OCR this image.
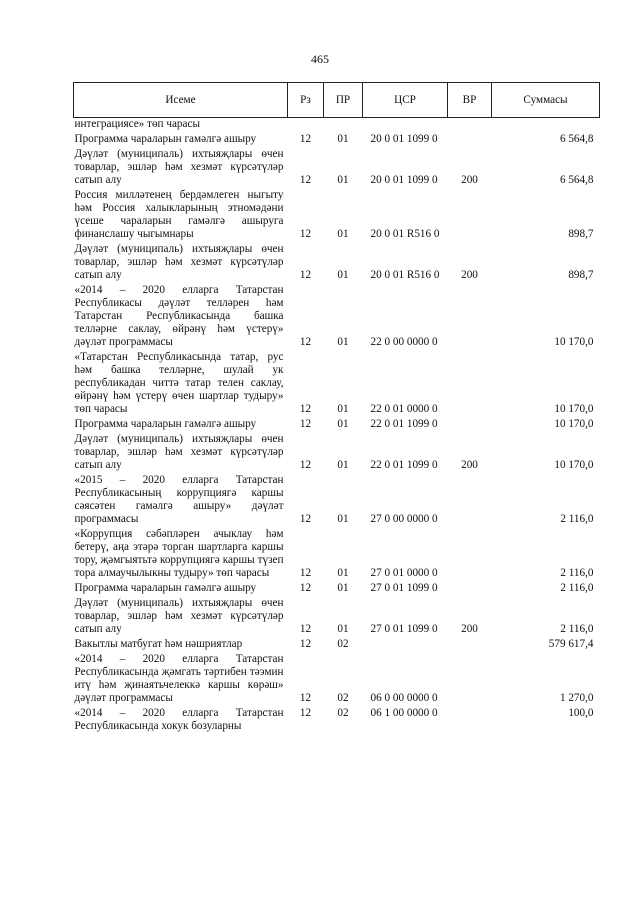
465
Исеме	Рз	ПР	ЦСР	ВР	Суммасы
интеграциясе» төп чарасы					
Программа чараларын гамәлгә ашыру	12	01	20 0 01 1099 0		6 564,8
Дәүләт (муниципаль) ихтыяҗлары өчен товарлар, эшләр һәм хезмәт күрсәтүләр сатып алу	12	01	20 0 01 1099 0	200	6 564,8
Россия милләтенең бердәмлеген ныгыту һәм Россия халыкларының этномәдәни үсеше чараларын гамәлгә ашыруга финанслашу чыгымнары	12	01	20 0 01 R516 0		898,7
Дәүләт (муниципаль) ихтыяҗлары өчен товарлар, эшләр һәм хезмәт күрсәтүләр сатып алу	12	01	20 0 01 R516 0	200	898,7
«2014 – 2020 елларга Татарстан Республикасы дәүләт телләрен һәм Татарстан Республикасында башка телләрне саклау, өйрәнү һәм үстерү» дәүләт программасы	12	01	22 0 00 0000 0		10 170,0
«Татарстан Республикасында татар, рус һәм башка телләрне, шулай ук республикадан читтә татар телен саклау, өйрәнү һәм үстерү өчен шартлар тудыру» төп чарасы	12	01	22 0 01 0000 0		10 170,0
Программа чараларын гамәлгә ашыру	12	01	22 0 01 1099 0		10 170,0
Дәүләт (муниципаль) ихтыяҗлары өчен товарлар, эшләр һәм хезмәт күрсәтүләр сатып алу	12	01	22 0 01 1099 0	200	10 170,0
«2015 – 2020 елларга Татарстан Республикасының коррупциягә каршы сәясәтен гамәлгә ашыру» дәүләт программасы	12	01	27 0 00 0000 0		2 116,0
«Коррупция сәбәпләрен ачыклау һәм бетерү, аңа этәрә торган шартларга каршы тору, җәмгыятьтә коррупциягә каршы түзеп тора алмаучылыкны тудыру» төп чарасы	12	01	27 0 01 0000 0		2 116,0
Программа чараларын гамәлгә ашыру	12	01	27 0 01 1099 0		2 116,0
Дәүләт (муниципаль) ихтыяҗлары өчен товарлар, эшләр һәм хезмәт күрсәтүләр сатып алу	12	01	27 0 01 1099 0	200	2 116,0
Вакытлы матбугат һәм нәшриятлар	12	02			579 617,4
«2014 – 2020 елларга Татарстан Республикасында җәмгать тәртибен тәэмин итү һәм җинаятьчелеккә каршы көрәш» дәүләт программасы	12	02	06 0 00 0000 0		1 270,0
«2014 – 2020 елларга Татарстан Республикасында хокук бозуларны	12	02	06 1 00 0000 0		100,0
